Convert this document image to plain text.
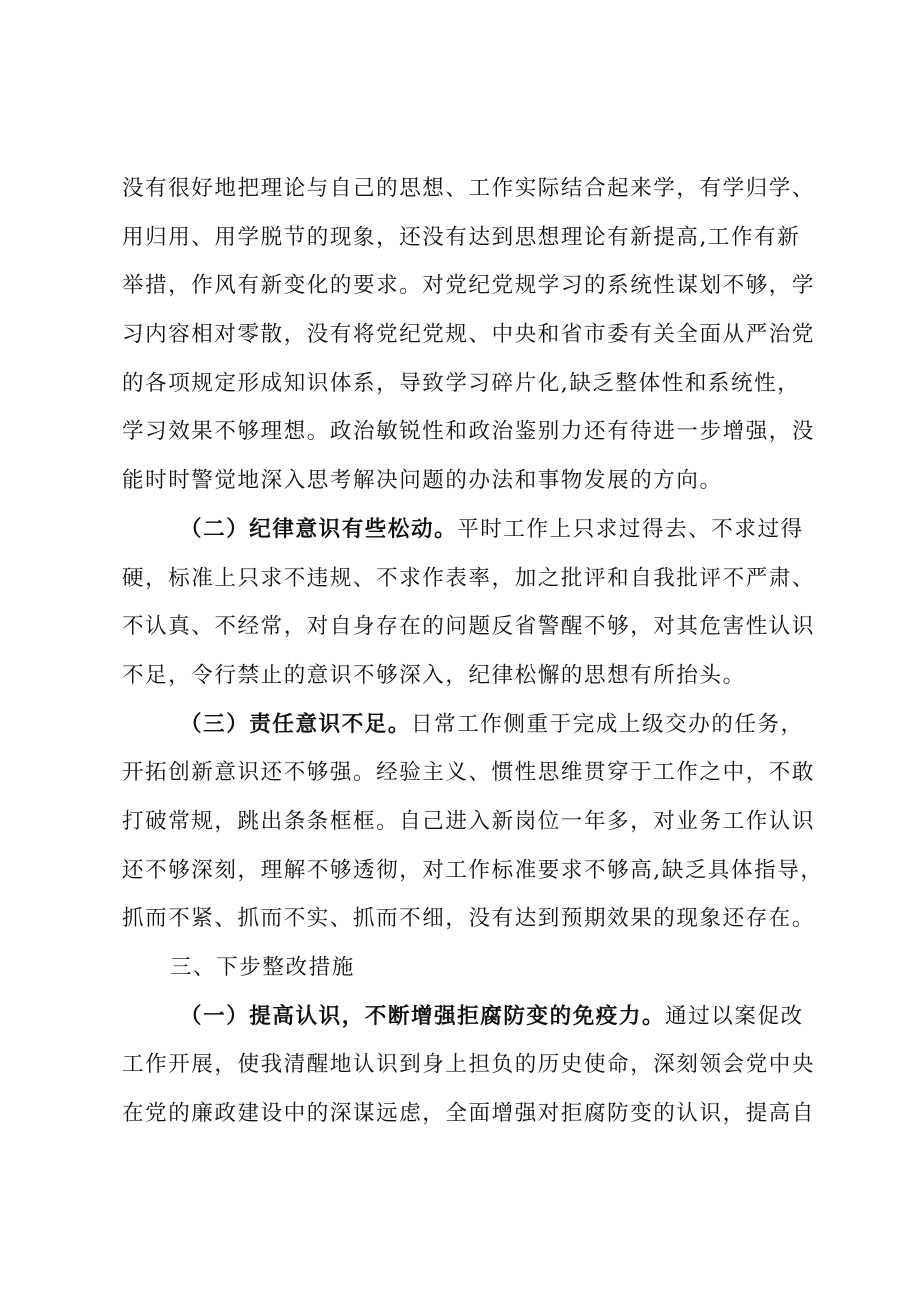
没有很好地把理论与自己的思想、工作实际结合起来学，有学归学、
用归用、用学脱节的现象，还没有达到思想理论有新提高,工作有新
举措，作风有新变化的要求。对党纪党规学习的系统性谋划不够，学
习内容相对零散，没有将党纪党规、中央和省市委有关全面从严治党
的各项规定形成知识体系，导致学习碎片化,缺乏整体性和系统性，
学习效果不够理想。政治敏锐性和政治鉴别力还有待进一步增强，没
能时时警觉地深入思考解决问题的办法和事物发展的方向。
（二）纪律意识有些松动。平时工作上只求过得去、不求过得
硬，标准上只求不违规、不求作表率，加之批评和自我批评不严肃、
不认真、不经常，对自身存在的问题反省警醒不够，对其危害性认识
不足，令行禁止的意识不够深入，纪律松懈的思想有所抬头。
（三）责任意识不足。日常工作侧重于完成上级交办的任务，
开拓创新意识还不够强。经验主义、惯性思维贯穿于工作之中，不敢
打破常规，跳出条条框框。自己进入新岗位一年多，对业务工作认识
还不够深刻，理解不够透彻，对工作标准要求不够高,缺乏具体指导，
抓而不紧、抓而不实、抓而不细，没有达到预期效果的现象还存在。
三、下步整改措施
（一）提高认识，不断增强拒腐防变的免疫力。通过以案促改
工作开展，使我清醒地认识到身上担负的历史使命，深刻领会党中央
在党的廉政建设中的深谋远虑，全面增强对拒腐防变的认识，提高自
